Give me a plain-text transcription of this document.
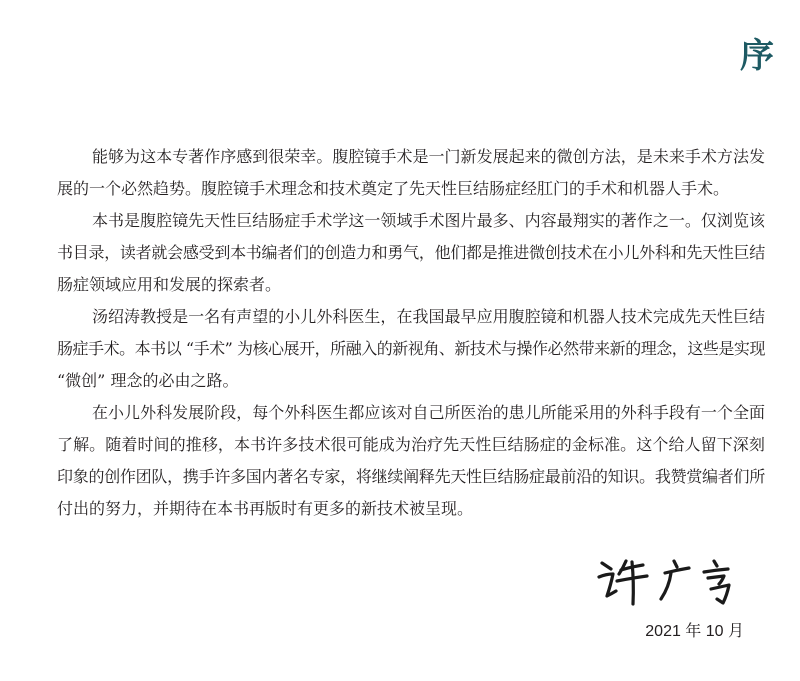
序
能够为这本专著作序感到很荣幸。腹腔镜手术是一门新发展起来的微创方法，是未来手术方法发
展的一个必然趋势。腹腔镜手术理念和技术奠定了先天性巨结肠症经肛门的手术和机器人手术。
本书是腹腔镜先天性巨结肠症手术学这一领域手术图片最多、内容最翔实的著作之一。仅浏览该
书目录，读者就会感受到本书编者们的创造力和勇气，他们都是推进微创技术在小儿外科和先天性巨结
肠症领域应用和发展的探索者。
汤绍涛教授是一名有声望的小儿外科医生，在我国最早应用腹腔镜和机器人技术完成先天性巨结
肠症手术。本书以 “手术” 为核心展开，所融入的新视角、新技术与操作必然带来新的理念，这些是实现
“微创” 理念的必由之路。
在小儿外科发展阶段，每个外科医生都应该对自己所医治的患儿所能采用的外科手段有一个全面
了解。随着时间的推移，本书许多技术很可能成为治疗先天性巨结肠症的金标准。这个给人留下深刻
印象的创作团队，携手许多国内著名专家，将继续阐释先天性巨结肠症最前沿的知识。我赞赏编者们所
付出的努力，并期待在本书再版时有更多的新技术被呈现。
2021 年 10 月
